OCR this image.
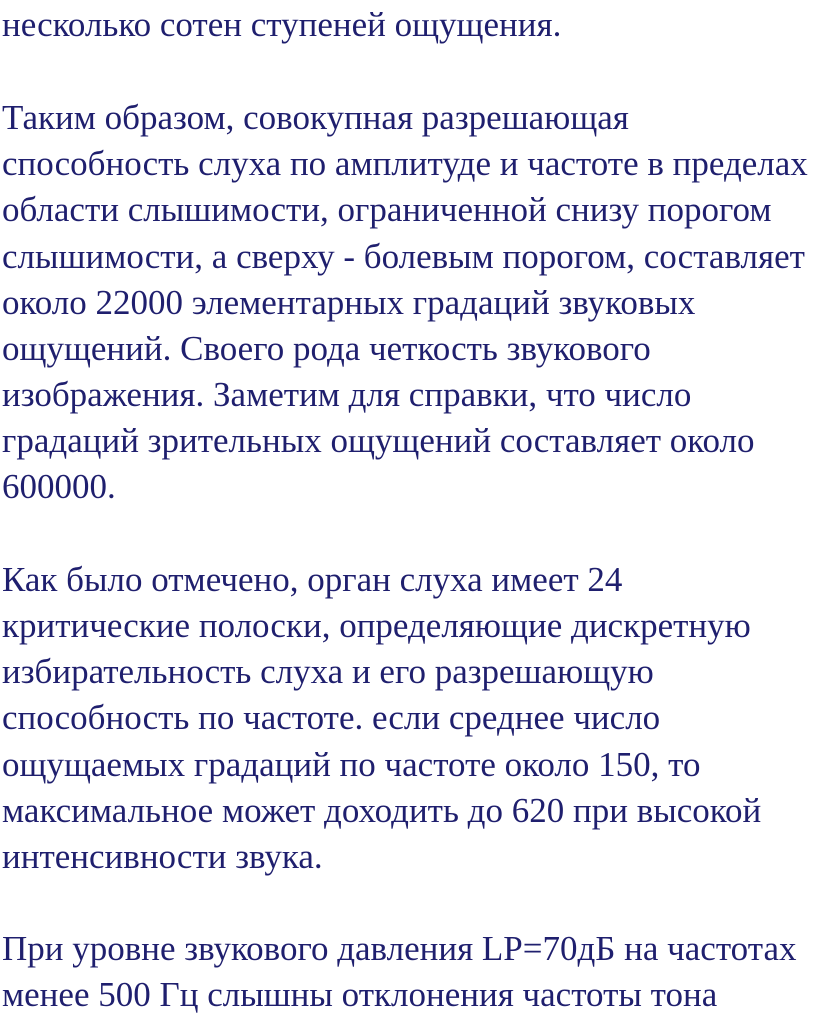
несколько сотен ступеней ощущения.
Таким образом, совокупная разрешающая
способность слуха по амплитуде и частоте в пределах
области слышимости, ограниченной снизу порогом
слышимости, а сверху - болевым порогом, составляет
около 22000 элементарных градаций звуковых
ощущений. Своего рода четкость звукового
изображения. Заметим для справки, что число
градаций зрительных ощущений составляет около
600000.
Как было отмечено, орган слуха имеет 24
критические полоски, определяющие дискретную
избирательность слуха и его разрешающую
способность по частоте. если среднее число
ощущаемых градаций по частоте около 150, то
максимальное может доходить до 620 при высокой
интенсивности звука.
При уровне звукового давления LP=70дБ на частотах
менее 500 Гц слышны отклонения частоты тона
